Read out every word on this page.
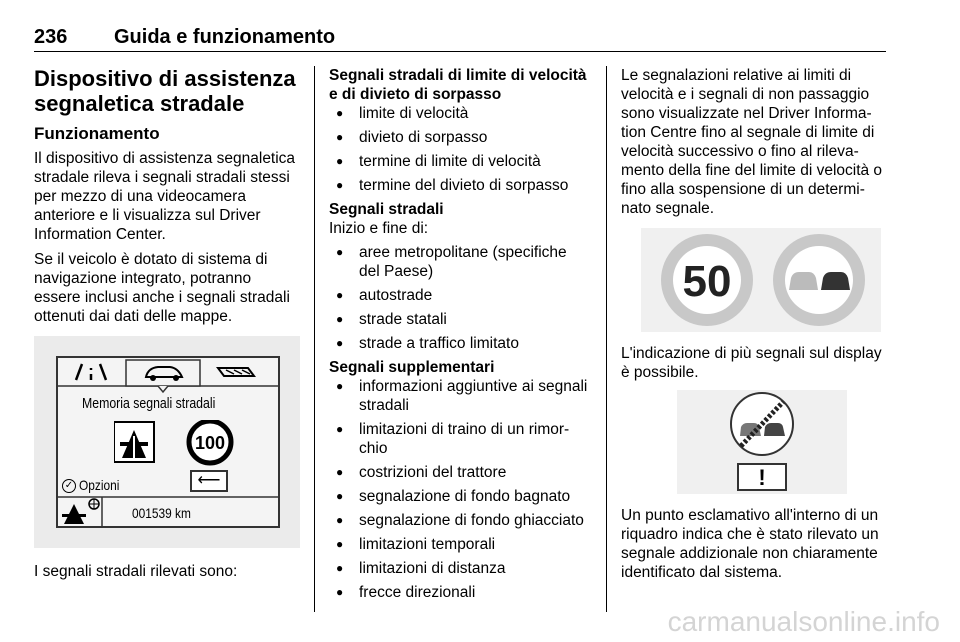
236 Guida e funzionamento
Dispositivo di assistenza segnaletica stradale
Funzionamento

Il dispositivo di assistenza segnaletica stradale rileva i segnali stradali stessi per mezzo di una videocamera anteriore e li visualizza sul Driver Information Center.

Se il veicolo è dotato di sistema di navigazione integrato, potranno essere inclusi anche i segnali stradali ottenuti dai dati delle mappe.

Memoria segnali stradali
100
✓ Opzioni	⟵
001539 km

I segnali stradali rilevati sono:

Segnali stradali di limite di velocità e di divieto di sorpasso

● limite di velocità
● divieto di sorpasso
● termine di limite di velocità
● termine del divieto di sorpasso

Segnali stradali

Inizio e fine di:

● aree metropolitane (specifiche del Paese)
● autostrade
● strade statali
● strade a traffico limitato

Segnali supplementari

● informazioni aggiuntive ai segnali stradali
● limitazioni di traino di un rimorchio
● costrizioni del trattore
● segnalazione di fondo bagnato
● segnalazione di fondo ghiacciato
● limitazioni temporali
● limitazioni di distanza
● frecce direzionali

Le segnalazioni relative ai limiti di velocità e i segnali di non passaggio sono visualizzate nel Driver Information Centre fino al segnale di limite di velocità successivo o fino al rilevamento della fine del limite di velocità o fino alla sospensione di un determinato segnale.

50

L'indicazione di più segnali sul display è possibile.

!

Un punto esclamativo all'interno di un riquadro indica che è stato rilevato un segnale addizionale non chiaramente identificato dal sistema.

carmanualsonline.info
